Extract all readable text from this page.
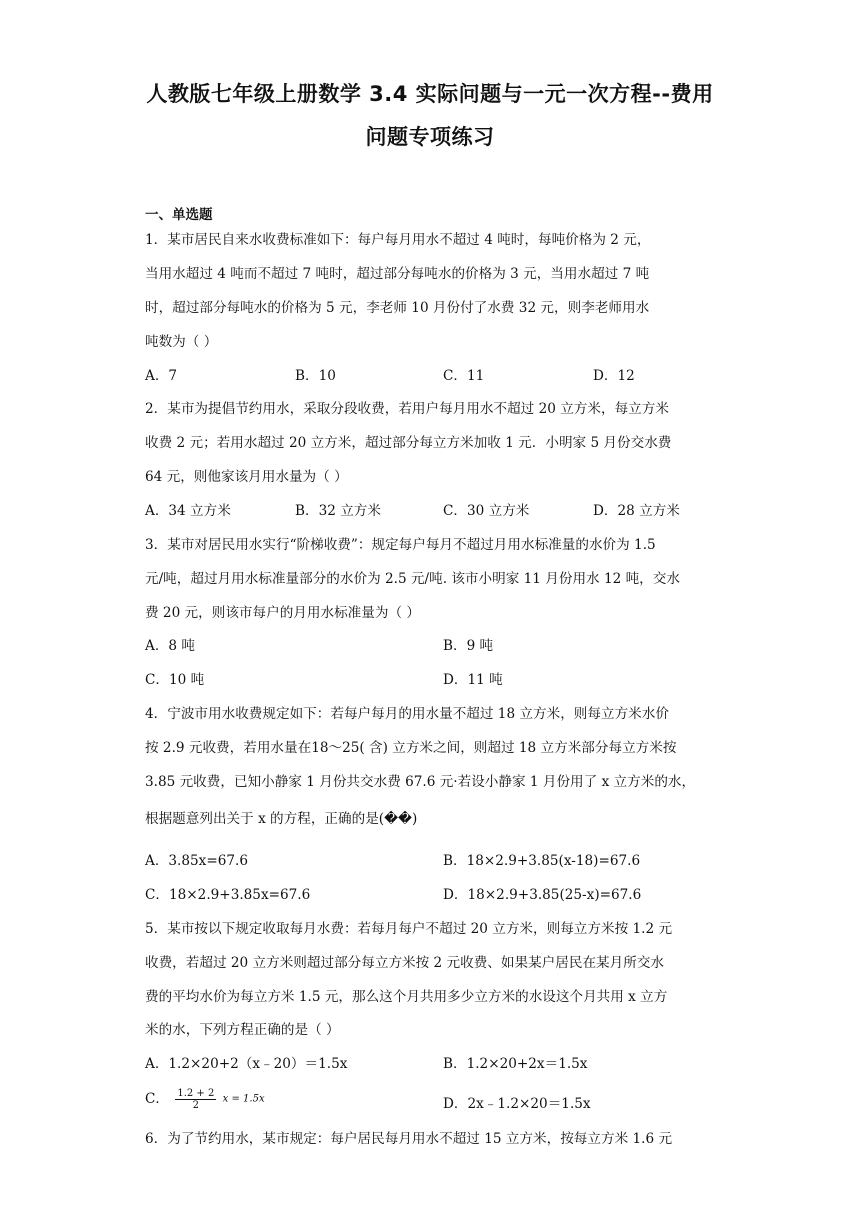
人教版七年级上册数学 3.4 实际问题与一元一次方程--费用
问题专项练习
一、单选题
1．某市居民自来水收费标准如下：每户每月用水不超过 4 吨时，每吨价格为 2 元，
当用水超过 4 吨而不超过 7 吨时，超过部分每吨水的价格为 3 元，当用水超过 7 吨
时，超过部分每吨水的价格为 5 元，李老师 10 月份付了水费 32 元，则李老师用水
吨数为（ ）
A．7	B．10	C．11	D．12
2．某市为提倡节约用水，采取分段收费，若用户每月用水不超过 20 立方米，每立方米
收费 2 元；若用水超过 20 立方米，超过部分每立方米加收 1 元．小明家 5 月份交水费
64 元，则他家该月用水量为（ ）
A．34 立方米	B．32 立方米	C．30 立方米	D．28 立方米
3．某市对居民用水实行“阶梯收费”：规定每户每月不超过月用水标准量的水价为 1.5
元/吨，超过月用水标准量部分的水价为 2.5 元/吨. 该市小明家 11 月份用水 12 吨，交水
费 20 元，则该市每户的月用水标准量为（ ）
A．8 吨	B．9 吨
C．10 吨	D．11 吨
4．宁波市用水收费规定如下：若每户每月的用水量不超过 18 立方米，则每立方米水价
按 2.9 元收费，若用水量在18～25( 含) 立方米之间，则超过 18 立方米部分每立方米按
3.85 元收费，已知小静家 1 月份共交水费 67.6 元·若设小静家 1 月份用了 x 立方米的水，
根据题意列出关于 x 的方程，正确的是(��)
A．3.85x=67.6	B．18×2.9+3.85(x-18)=67.6
C．18×2.9+3.85x=67.6	D．18×2.9+3.85(25-x)=67.6
5．某市按以下规定收取每月水费：若每月每户不超过 20 立方米，则每立方米按 1.2 元
收费，若超过 20 立方米则超过部分每立方米按 2 元收费、如果某户居民在某月所交水
费的平均水价为每立方米 1.5 元，那么这个月共用多少立方米的水设这个月共用 x 立方
米的水，下列方程正确的是（ ）
A．1.2×20+2（x﹣20）＝1.5x	B．1.2×20+2x＝1.5x
C． $\frac{1.2 + 2}{2}$ x = 1.5x	D．2x﹣1.2×20＝1.5x
6．为了节约用水，某市规定：每户居民每月用水不超过 15 立方米，按每立方米 1.6 元
